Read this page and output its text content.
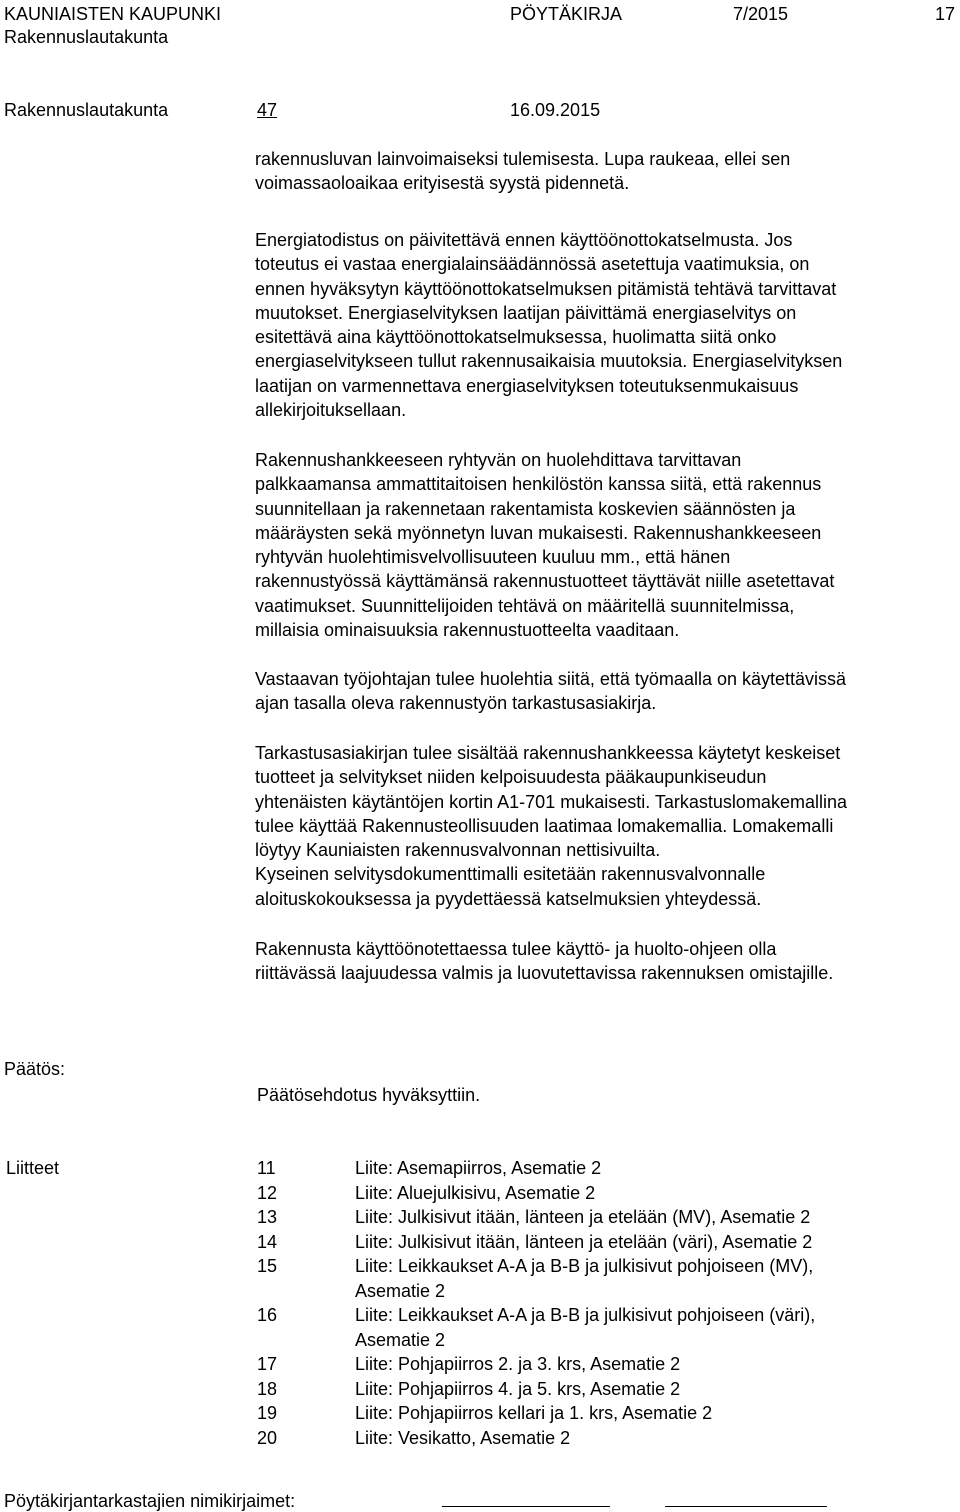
KAUNIAISTEN KAUPUNKI	PÖYTÄKIRJA	7/2015	17
Rakennuslautakunta
Rakennuslautakunta	47	16.09.2015
rakennusluvan lainvoimaiseksi tulemisesta. Lupa raukeaa, ellei sen
voimassaoloaikaa erityisestä syystä pidennetä.
Energiatodistus on päivitettävä ennen käyttöönottokatselmusta. Jos
toteutus ei vastaa energialainsäädännössä asetettuja vaatimuksia, on
ennen hyväksytyn käyttöönottokatselmuksen pitämistä tehtävä tarvittavat
muutokset. Energiaselvityksen laatijan päivittämä energiaselvitys on
esitettävä aina käyttöönottokatselmuksessa, huolimatta siitä onko
energiaselvitykseen tullut rakennusaikaisia muutoksia. Energiaselvityksen
laatijan on varmennettava energiaselvityksen toteutuksenmukaisuus
allekirjoituksellaan.
Rakennushankkeeseen ryhtyvän on huolehdittava tarvittavan
palkkaamansa ammattitaitoisen henkilöstön kanssa siitä, että rakennus
suunnitellaan ja rakennetaan rakentamista koskevien säännösten ja
määräysten sekä myönnetyn luvan mukaisesti. Rakennushankkeeseen
ryhtyvän huolehtimisvelvollisuuteen kuuluu mm., että hänen
rakennustyössä käyttämänsä rakennustuotteet täyttävät niille asetettavat
vaatimukset. Suunnittelijoiden tehtävä on määritellä suunnitelmissa,
millaisia ominaisuuksia rakennustuotteelta vaaditaan.
Vastaavan työjohtajan tulee huolehtia siitä, että työmaalla on käytettävissä
ajan tasalla oleva rakennustyön tarkastusasiakirja.
Tarkastusasiakirjan tulee sisältää rakennushankkeessa käytetyt keskeiset
tuotteet ja selvitykset niiden kelpoisuudesta pääkaupunkiseudun
yhtenäisten käytäntöjen kortin A1-701 mukaisesti. Tarkastuslomakemallina
tulee käyttää Rakennusteollisuuden laatimaa lomakemallia. Lomakemalli
löytyy Kauniaisten rakennusvalvonnan nettisivuilta.
Kyseinen selvitysdokumenttimalli esitetään rakennusvalvonnalle
aloituskokouksessa ja pyydettäessä katselmuksien yhteydessä.
Rakennusta käyttöönotettaessa tulee käyttö- ja huolto-ohjeen olla
riittävässä laajuudessa valmis ja luovutettavissa rakennuksen omistajille.
Päätös:
Päätösehdotus hyväksyttiin.
Liitteet	11	Liite: Asemapiirros, Asematie 2
12	Liite: Aluejulkisivu, Asematie 2
13	Liite: Julkisivut itään, länteen ja etelään (MV), Asematie 2
14	Liite: Julkisivut itään, länteen ja etelään (väri), Asematie 2
15	Liite: Leikkaukset A-A ja B-B ja julkisivut pohjoiseen (MV),
Asematie 2
16	Liite: Leikkaukset A-A ja B-B ja julkisivut pohjoiseen (väri),
Asematie 2
17	Liite: Pohjapiirros 2. ja 3. krs, Asematie 2
18	Liite: Pohjapiirros 4. ja 5. krs, Asematie 2
19	Liite: Pohjapiirros kellari ja 1. krs, Asematie 2
20	Liite: Vesikatto, Asematie 2
Pöytäkirjantarkastajien nimikirjaimet:
